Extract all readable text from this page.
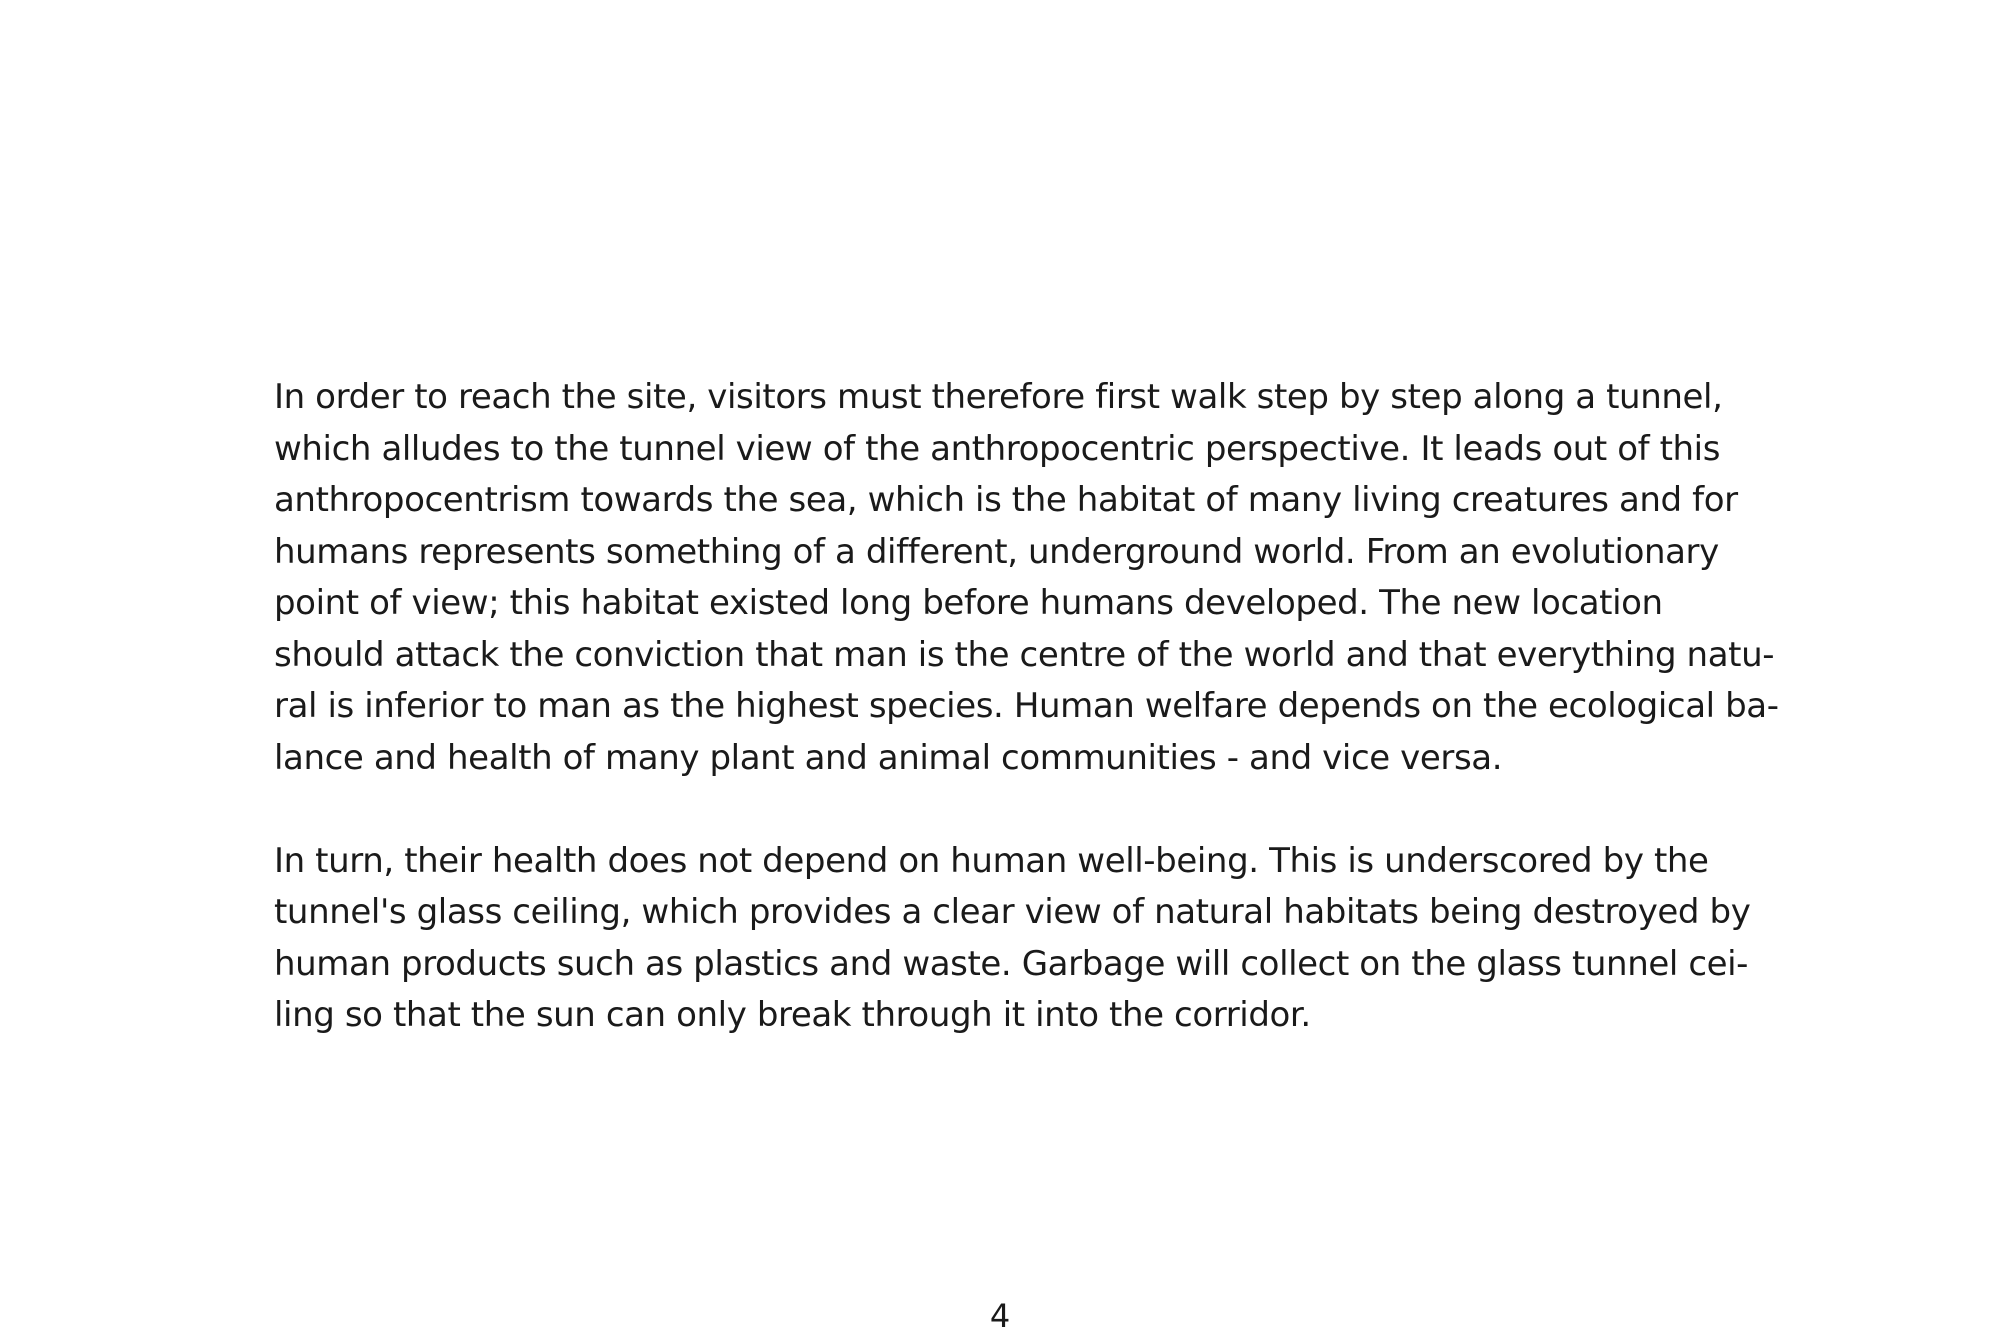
In order to reach the site, visitors must therefore first walk step by step along a tunnel,
which alludes to the tunnel view of the anthropocentric perspective. It leads out of this
anthropocentrism towards the sea, which is the habitat of many living creatures and for
humans represents something of a different, underground world. From an evolutionary
point of view; this habitat existed long before humans developed. The new location
should attack the conviction that man is the centre of the world and that everything natu-
ral is inferior to man as the highest species. Human welfare depends on the ecological ba-
lance and health of many plant and animal communities - and vice versa.
In turn, their health does not depend on human well-being. This is underscored by the
tunnel's glass ceiling, which provides a clear view of natural habitats being destroyed by
human products such as plastics and waste. Garbage will collect on the glass tunnel cei-
ling so that the sun can only break through it into the corridor.
4
